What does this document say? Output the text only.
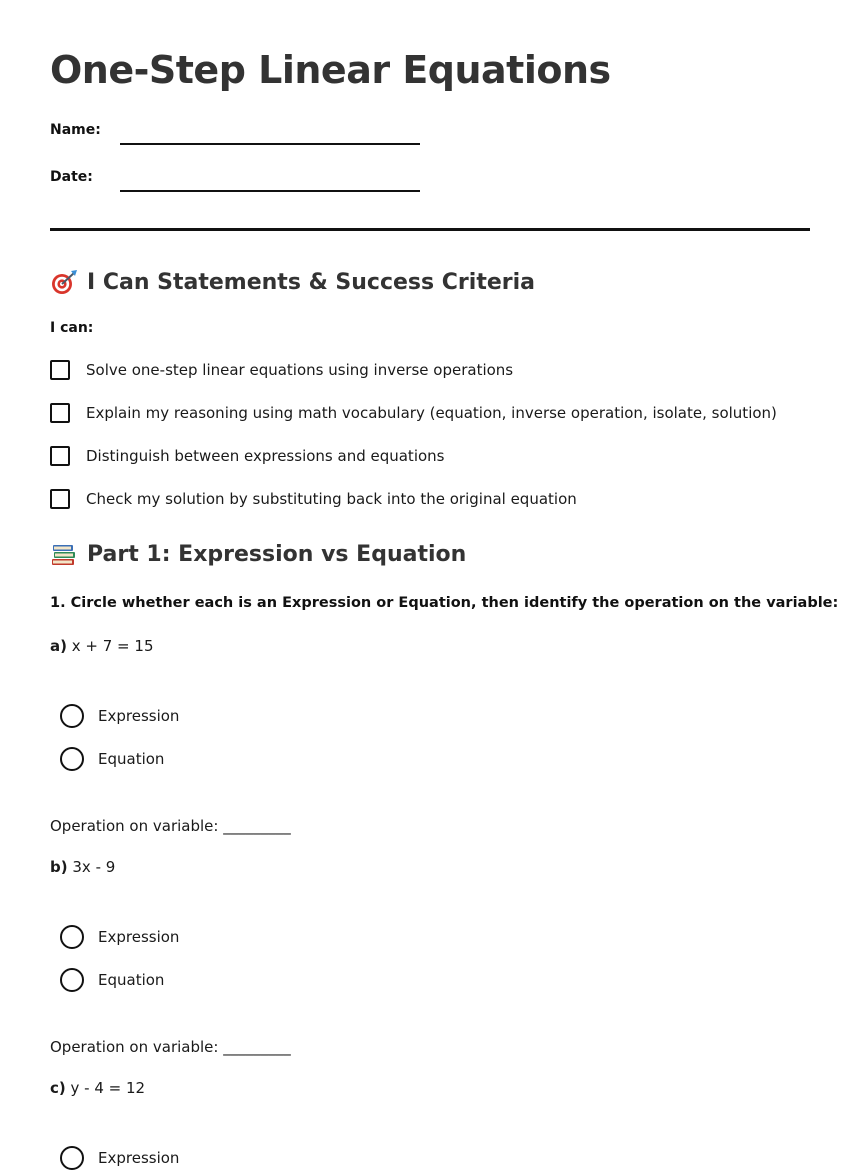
One-Step Linear Equations
Name:
Date:
I Can Statements & Success Criteria
I can:
Solve one-step linear equations using inverse operations
Explain my reasoning using math vocabulary (equation, inverse operation, isolate, solution)
Distinguish between expressions and equations
Check my solution by substituting back into the original equation
Part 1: Expression vs Equation
1. Circle whether each is an Expression or Equation, then identify the operation on the variable:
a) x + 7 = 15
Expression
Equation
Operation on variable: _________
b) 3x - 9
Expression
Equation
Operation on variable: _________
c) y - 4 = 12
Expression
